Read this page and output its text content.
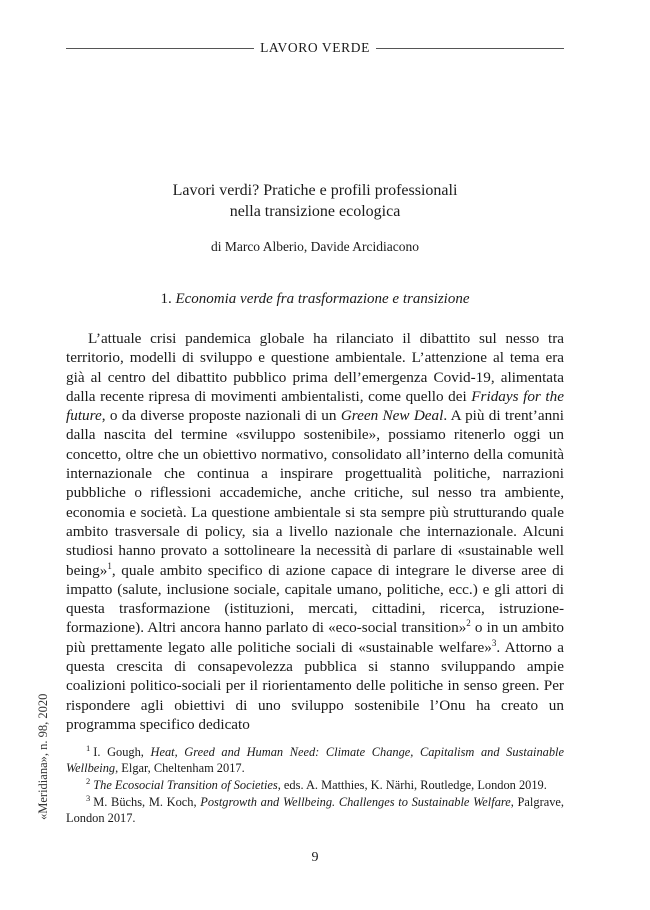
LAVORO VERDE
Lavori verdi? Pratiche e profili professionali
nella transizione ecologica
di Marco Alberio, Davide Arcidiacono
1. Economia verde fra trasformazione e transizione

L’attuale crisi pandemica globale ha rilanciato il dibattito sul nesso tra territorio, modelli di sviluppo e questione ambientale. L’attenzione al tema era già al centro del dibattito pubblico prima dell’emergenza Covid-19, alimentata dalla recente ripresa di movimenti ambientalisti, come quello dei Fridays for the future, o da diverse proposte nazionali di un Green New Deal. A più di trent’anni dalla nascita del termine «sviluppo sostenibile», possiamo ritenerlo oggi un concetto, oltre che un obiettivo normativo, consolidato all’interno della comunità internazionale che continua a inspirare progettualità politiche, narrazioni pubbliche o riflessioni accademiche, anche critiche, sul nesso tra ambiente, economia e società. La questione ambientale si sta sempre più strutturando quale ambito trasversale di policy, sia a livello nazionale che internazionale. Alcuni studiosi hanno provato a sottolineare la necessità di parlare di «sustainable well being»$^1$, quale ambito specifico di azione capace di integrare le diverse aree di impatto (salute, inclusione sociale, capitale umano, politiche, ecc.) e gli attori di questa trasformazione (istituzioni, mercati, cittadini, ricerca, istruzione-formazione). Altri ancora hanno parlato di «eco-social transition»$^2$ o in un ambito più prettamente legato alle politiche sociali di «sustainable welfare»$^3$. Attorno a questa crescita di consapevolezza pubblica si stanno sviluppando ampie coalizioni politico-sociali per il riorientamento delle politiche in senso green. Per rispondere agli obiettivi di uno sviluppo sostenibile l’Onu ha creato un programma specifico dedicato

$^1$ I. Gough, Heat, Greed and Human Need: Climate Change, Capitalism and Sustainable Wellbeing, Elgar, Cheltenham 2017.

$^2$ The Ecosocial Transition of Societies, eds. A. Matthies, K. Närhi, Routledge, London 2019.

$^3$ M. Büchs, M. Koch, Postgrowth and Wellbeing. Challenges to Sustainable Welfare, Palgrave, London 2017.

9
«Meridiana», n. 98, 2020
